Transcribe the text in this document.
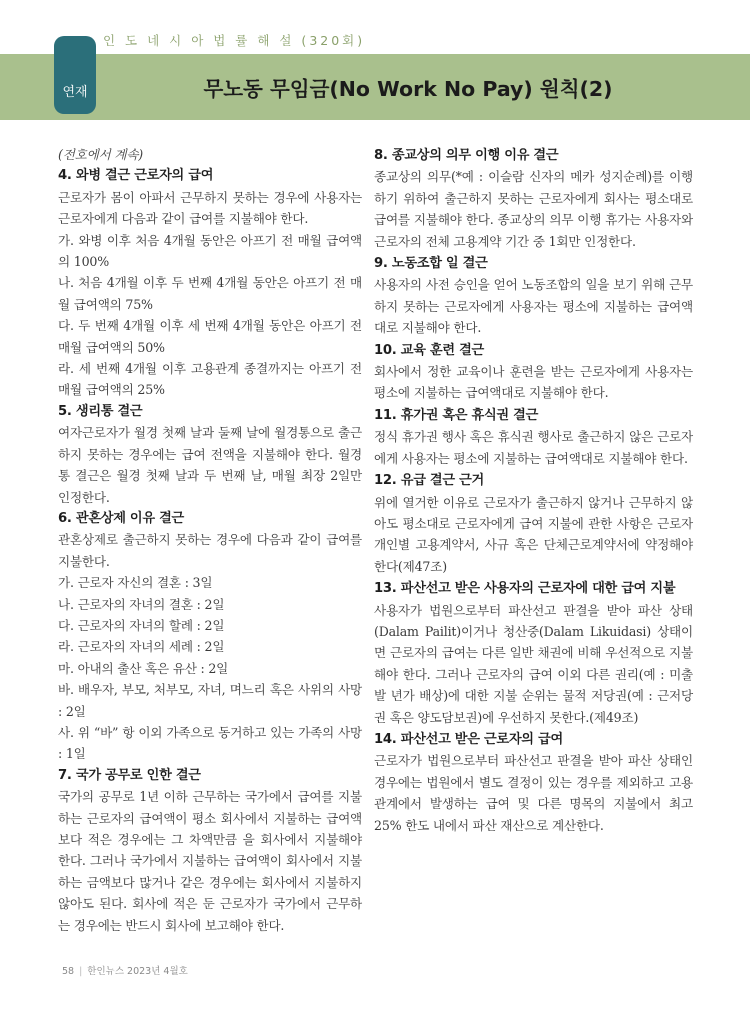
인 도 네 시 아 법 률 해 설 (320회)
연재	무노동 무임금(No Work No Pay) 원칙(2)

(전호에서 계속)

4. 와병 결근 근로자의 급여

근로자가 몸이 아파서 근무하지 못하는 경우에 사용자는 근로자에게 다음과 같이 급여를 지불해야 한다.

가. 와병 이후 처음 4개월 동안은 아프기 전 매월 급여액의 100%

나. 처음 4개월 이후 두 번째 4개월 동안은 아프기 전 매월 급여액의 75%

다. 두 번째 4개월 이후 세 번째 4개월 동안은 아프기 전 매월 급여액의 50%

라. 세 번째 4개월 이후 고용관계 종결까지는 아프기 전 매월 급여액의 25%

5. 생리통 결근

여자근로자가 월경 첫째 날과 둘째 날에 월경통으로 출근하지 못하는 경우에는 급여 전액을 지불해야 한다. 월경통 결근은 월경 첫째 날과 두 번째 날, 매월 최장 2일만 인정한다.

6. 관혼상제 이유 결근

관혼상제로 출근하지 못하는 경우에 다음과 같이 급여를 지불한다.

가. 근로자 자신의 결혼 : 3일

나. 근로자의 자녀의 결혼 : 2일

다. 근로자의 자녀의 할례 : 2일

라. 근로자의 자녀의 세례 : 2일

마. 아내의 출산 혹은 유산 : 2일

바. 배우자, 부모, 처부모, 자녀, 며느리 혹은 사위의 사망 : 2일

사. 위 “바” 항 이외 가족으로 동거하고 있는 가족의 사망 : 1일

7. 국가 공무로 인한 결근

국가의 공무로 1년 이하 근무하는 국가에서 급여를 지불하는 근로자의 급여액이 평소 회사에서 지불하는 급여액보다 적은 경우에는 그 차액만큼 을 회사에서 지불해야 한다. 그러나 국가에서 지불하는 급여액이 회사에서 지불하는 금액보다 많거나 같은 경우에는 회사에서 지불하지 않아도 된다. 회사에 적은 둔 근로자가 국가에서 근무하는 경우에는 반드시 회사에 보고해야 한다.

8. 종교상의 의무 이행 이유 결근

종교상의 의무(*예 : 이슬람 신자의 메카 성지순례)를 이행하기 위하여 출근하지 못하는 근로자에게 회사는 평소대로 급여를 지불해야 한다. 종교상의 의무 이행 휴가는 사용자와 근로자의 전체 고용계약 기간 중 1회만 인정한다.

9. 노동조합 일 결근

사용자의 사전 승인을 얻어 노동조합의 일을 보기 위해 근무하지 못하는 근로자에게 사용자는 평소에 지불하는 급여액대로 지불해야 한다.

10. 교육 훈련 결근

회사에서 정한 교육이나 훈련을 받는 근로자에게 사용자는 평소에 지불하는 급여액대로 지불해야 한다.

11. 휴가권 혹은 휴식권 결근

정식 휴가권 행사 혹은 휴식권 행사로 출근하지 않은 근로자에게 사용자는 평소에 지불하는 급여액대로 지불해야 한다.

12. 유급 결근 근거

위에 열거한 이유로 근로자가 출근하지 않거나 근무하지 않아도 평소대로 근로자에게 급여 지불에 관한 사항은 근로자 개인별 고용계약서, 사규 혹은 단체근로계약서에 약정해야 한다(제47조)

13. 파산선고 받은 사용자의 근로자에 대한 급여 지불

사용자가 법원으로부터 파산선고 판결을 받아 파산 상태(Dalam Pailit)이거나 청산중(Dalam Likuidasi) 상태이면 근로자의 급여는 다른 일반 채권에 비해 우선적으로 지불해야 한다. 그러나 근로자의 급여 이외 다른 권리(예 : 미출발 년가 배상)에 대한 지불 순위는 물적 저당권(예 : 근저당권 혹은 양도담보권)에 우선하지 못한다.(제49조)

14. 파산선고 받은 근로자의 급여

근로자가 법원으로부터 파산선고 판결을 받아 파산 상태인 경우에는 법원에서 별도 결정이 있는 경우를 제외하고 고용관계에서 발생하는 급여 및 다른 명목의 지불에서 최고 25% 한도 내에서 파산 재산으로 계산한다.

58 | 한인뉴스 2023년 4월호
